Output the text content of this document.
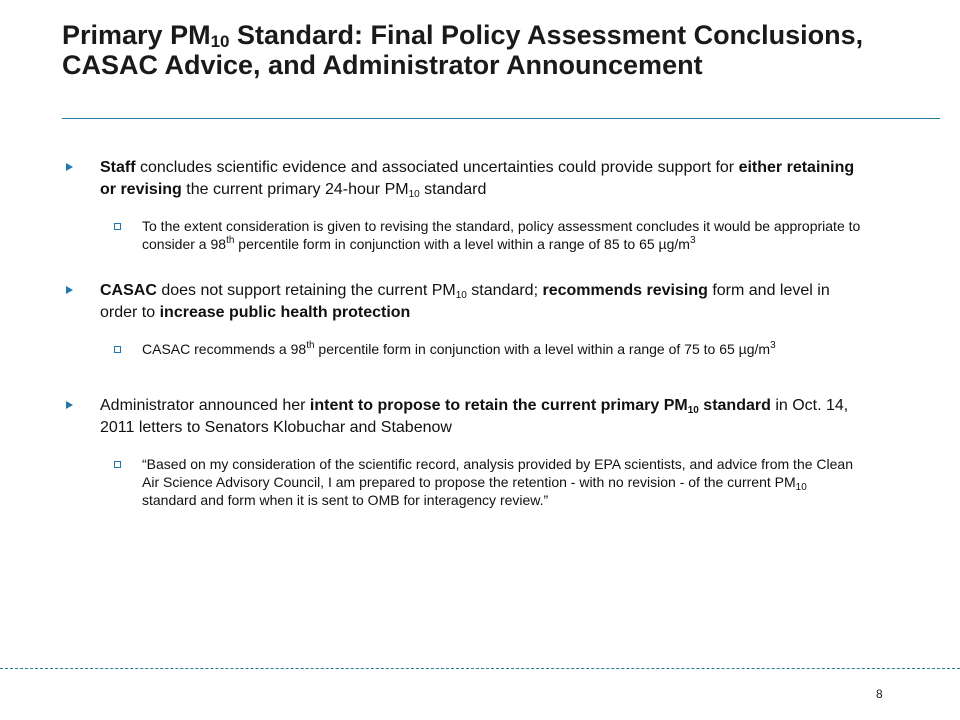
Primary $PM_{10}$ Standard: Final Policy Assessment Conclusions, CASAC Advice, and Administrator Announcement
Staff concludes scientific evidence and associated uncertainties could provide support for either retaining or revising the current primary 24-hour $PM_{10}$ standard
To the extent consideration is given to revising the standard, policy assessment concludes it would be appropriate to consider a 98th percentile form in conjunction with a level within a range of 85 to 65 $\mu g/m^3$
CASAC does not support retaining the current $PM_{10}$ standard; recommends revising form and level in order to increase public health protection
CASAC recommends a 98th percentile form in conjunction with a level within a range of 75 to 65 $\mu g/m^3$
Administrator announced her intent to propose to retain the current primary $PM_{10}$ standard in Oct. 14, 2011 letters to Senators Klobuchar and Stabenow
“Based on my consideration of the scientific record, analysis provided by EPA scientists, and advice from the Clean Air Science Advisory Council, I am prepared to propose the retention - with no revision - of the current $PM_{10}$ standard and form when it is sent to OMB for interagency review.”
8
